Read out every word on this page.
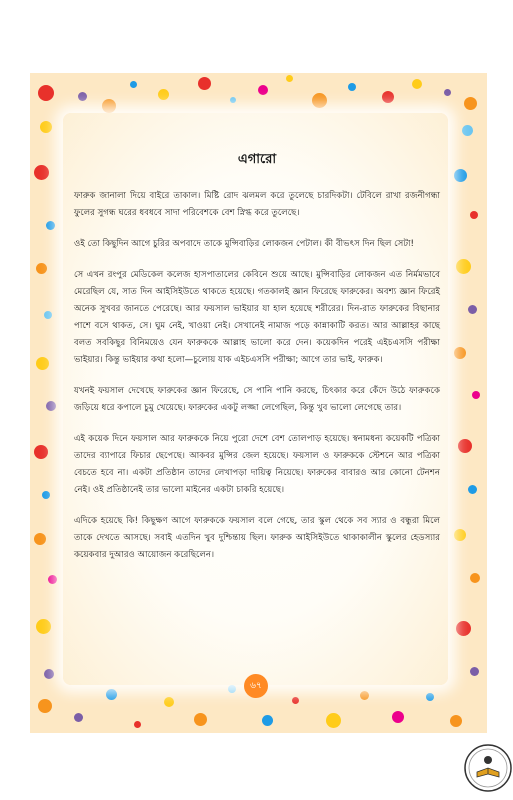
এগারো

ফারুক জানালা দিয়ে বাইরে তাকাল। মিষ্টি রোদ ঝলমল করে তুলেছে চারদিকটা। টেবিলে রাখা রজনীগন্ধা ফুলের সুগন্ধ ঘরের ধবধবে সাদা পরিবেশকে বেশ স্নিগ্ধ করে তুলেছে।

ওই তো কিছুদিন আগে চুরির অপবাদে তাকে মুন্সিবাড়ির লোকজন পেটাল। কী বীভৎস দিন ছিল সেটা!

সে এখন রংপুর মেডিকেল কলেজ হাসপাতালের কেবিনে শুয়ে আছে। মুন্সিবাড়ির লোকজন এত নির্মমভাবে মেরেছিল যে, সাত দিন আইসিইউতে থাকতে হয়েছে। গতকালই জ্ঞান ফিরেছে ফারুকের। অবশ্য জ্ঞান ফিরেই অনেক সুখবর জানতে পেরেছে। আর ফয়সাল ভাইয়ার যা হাল হয়েছে শরীরের। দিন-রাত ফারুকের বিছানার পাশে বসে থাকত, সে। ঘুম নেই, খাওয়া নেই। সেখানেই নামাজ পড়ে কান্নাকাটি করত। আর আল্লাহর কাছে বলত সবকিছুর বিনিময়েও যেন ফারুককে আল্লাহ ভালো করে দেন। কয়েকদিন পরেই এইচএসসি পরীক্ষা ভাইয়ার। কিন্তু ভাইয়ার কথা হলো—চুলোয় যাক এইচএসসি পরীক্ষা; আগে তার ভাই, ফারুক।

যখনই ফয়সাল দেখেছে ফারুকের জ্ঞান ফিরেছে, সে পানি পানি করছে, চিৎকার করে কেঁদে উঠে ফারুককে জড়িয়ে ধরে কপালে চুমু খেয়েছে। ফারুকের একটু লজ্জা লেগেছিল, কিন্তু খুব ভালো লেগেছে তার।

এই কয়েক দিনে ফয়সাল আর ফারুককে নিয়ে পুরো দেশে বেশ তোলপাড় হয়েছে। স্বনামধন্য কয়েকটি পত্রিকা তাদের ব্যাপারে ফিচার ছেপেছে। আকবর মুন্সির জেল হয়েছে। ফয়সাল ও ফারুককে স্টেশনে আর পত্রিকা বেচতে হবে না। একটা প্রতিষ্ঠান তাদের লেখাপড়া দায়িত্ব নিয়েছে। ফারুকের বাবারও আর কোনো টেনশন নেই। ওই প্রতিষ্ঠানেই তার ভালো মাইনের একটা চাকরি হয়েছে।

এদিকে হয়েছে কি! কিছুক্ষণ আগে ফারুককে ফয়সাল বলে গেছে, তার স্কুল থেকে সব স্যার ও বন্ধুরা মিলে তাকে দেখতে আসছে। সবাই এতদিন খুব দুশ্চিন্তায় ছিল। ফারুক আইসিইউতে থাকাকালীন স্কুলের হেডস্যার কয়েকবার দুআরও আয়োজন করেছিলেন।

৬৭
